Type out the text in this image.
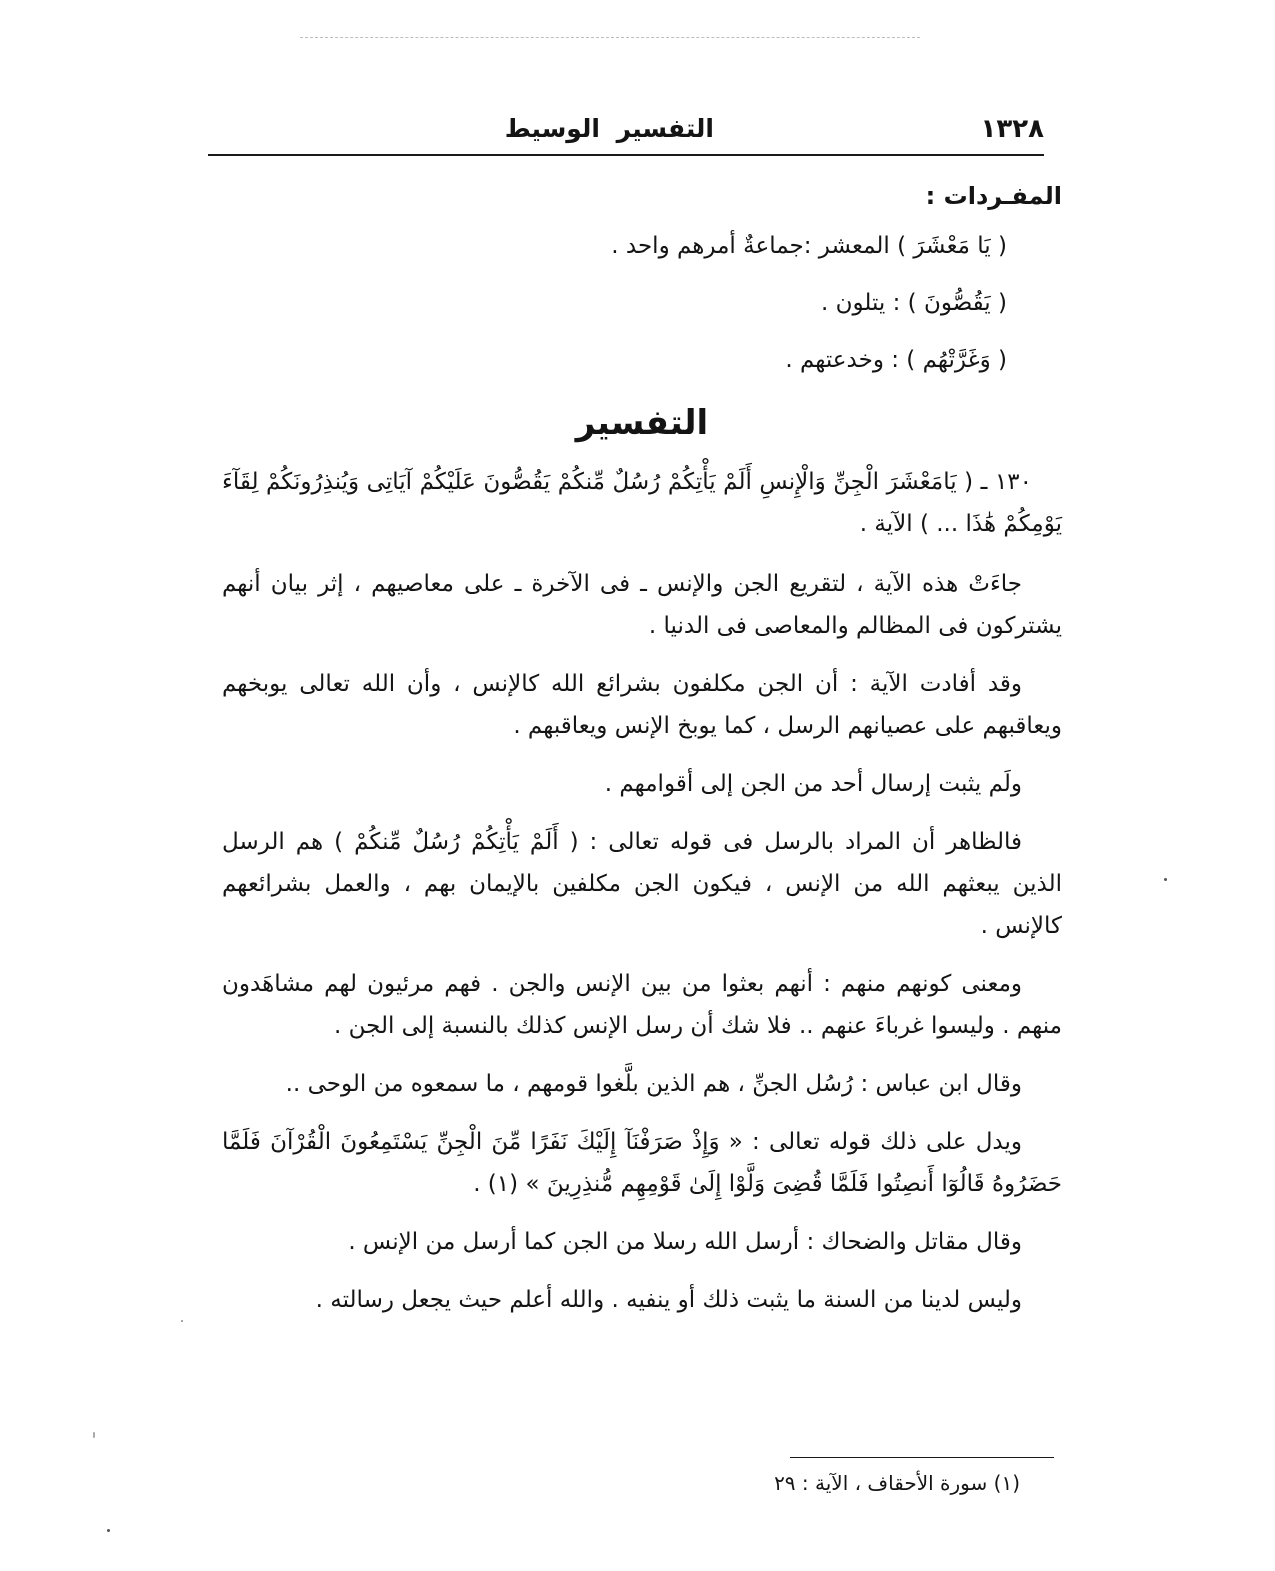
١٣٢٨
التفسير الوسيط
المفـردات :
( يَا مَعْشَرَ ) المعشر :جماعةٌ أمرهم واحد .
( يَقُصُّونَ ) : يتلون .
( وَغَرَّتْهُم ) : وخدعتهم .
التفسير

١٣٠ ـ ( يَامَعْشَرَ الْجِنِّ وَالْإِنسِ أَلَمْ يَأْتِكُمْ رُسُلٌ مِّنكُمْ يَقُصُّونَ عَلَيْكُمْ آيَاتِى وَيُنذِرُونَكُمْ لِقَآءَ يَوْمِكُمْ هَٰذَا ... ) الآية .

جاءَتْ هذه الآية ، لتقريع الجن والإنس ـ فى الآخرة ـ على معاصيهم ، إثر بيان أنهم يشتركون فى المظالم والمعاصى فى الدنيا .

وقد أفادت الآية : أن الجن مكلفون بشرائع الله كالإنس ، وأن الله تعالى يوبخهم ويعاقبهم على عصيانهم الرسل ، كما يوبخ الإنس ويعاقبهم .

ولَم يثبت إرسال أحد من الجن إلى أقوامهم .

فالظاهر أن المراد بالرسل فى قوله تعالى : ( أَلَمْ يَأْتِكُمْ رُسُلٌ مِّنكُمْ ) هم الرسل الذين يبعثهم الله من الإنس ، فيكون الجن مكلفين بالإيمان بهم ، والعمل بشرائعهم كالإنس .

ومعنى كونهم منهم : أنهم بعثوا من بين الإنس والجن . فهم مرئيون لهم مشاهَدون منهم . وليسوا غرباءَ عنهم .. فلا شك أن رسل الإنس كذلك بالنسبة إلى الجن .

وقال ابن عباس : رُسُل الجنِّ ، هم الذين بلَّغوا قومهم ، ما سمعوه من الوحى ..

ويدل على ذلك قوله تعالى : « وَإِذْ صَرَفْنَآ إِلَيْكَ نَفَرًا مِّنَ الْجِنِّ يَسْتَمِعُونَ الْقُرْآنَ فَلَمَّا حَضَرُوهُ قَالُوٓا أَنصِتُوا فَلَمَّا قُضِىَ وَلَّوْا إِلَىٰ قَوْمِهِم مُّنذِرِينَ » (١) .

وقال مقاتل والضحاك : أرسل الله رسلا من الجن كما أرسل من الإنس .

وليس لدينا من السنة ما يثبت ذلك أو ينفيه . والله أعلم حيث يجعل رسالته .

(١) سورة الأحقاف ، الآية : ٢٩
